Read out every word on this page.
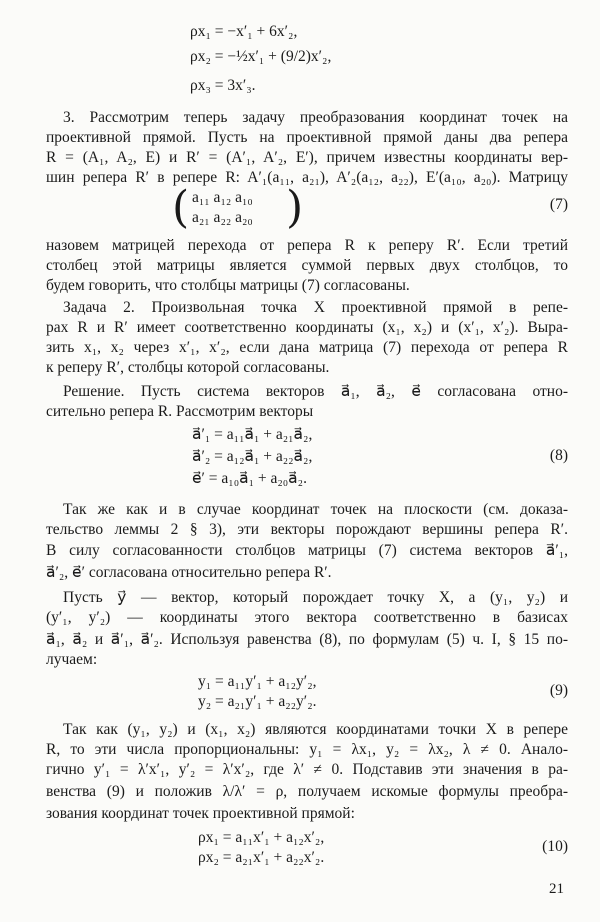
ρx₁ = −x′₁ + 6x′₂,
ρx₂ = −½x′₁ + (9/2)x′₂,
ρx₃ = 3x′₃.
3. Рассмотрим теперь задачу преобразования координат точек на
проективной прямой. Пусть на проективной прямой даны два репера
R = (A₁, A₂, E) и R′ = (A′₁, A′₂, E′), причем известны координаты вер-
шин репера R′ в репере R: A′₁(a₁₁, a₂₁), A′₂(a₁₂, a₂₂), E′(a₁₀, a₂₀). Матрицу
( a₁₁ a₁₂ a₁₀
a₂₁ a₂₂ a₂₀ )	(7)
назовем матрицей перехода от репера R к реперу R′. Если третий
столбец этой матрицы является суммой первых двух столбцов, то
будем говорить, что столбцы матрицы (7) согласованы.
Задача 2. Произвольная точка X проективной прямой в репе-
рах R и R′ имеет соответственно координаты (x₁, x₂) и (x′₁, x′₂). Выра-
зить x₁, x₂ через x′₁, x′₂, если дана матрица (7) перехода от репера R
к реперу R′, столбцы которой согласованы.
Решение. Пусть система векторов a⃗₁, a⃗₂, e⃗ согласована отно-
сительно репера R. Рассмотрим векторы
a⃗′₁ = a₁₁a⃗₁ + a₂₁a⃗₂,
a⃗′₂ = a₁₂a⃗₁ + a₂₂a⃗₂,
e⃗′ = a₁₀a⃗₁ + a₂₀a⃗₂.
(8)
Так же как и в случае координат точек на плоскости (см. доказа-
тельство леммы 2 § 3), эти векторы порождают вершины репера R′.
В силу согласованности столбцов матрицы (7) система векторов a⃗′₁,
a⃗′₂, e⃗′ согласована относительно репера R′.
Пусть y⃗ — вектор, который порождает точку X, а (y₁, y₂) и
(y′₁, y′₂) — координаты этого вектора соответственно в базисах
a⃗₁, a⃗₂ и a⃗′₁, a⃗′₂. Используя равенства (8), по формулам (5) ч. I, § 15 по-
лучаем:
y₁ = a₁₁y′₁ + a₁₂y′₂,
y₂ = a₂₁y′₁ + a₂₂y′₂.
(9)
Так как (y₁, y₂) и (x₁, x₂) являются координатами точки X в репере
R, то эти числа пропорциональны: y₁ = λx₁, y₂ = λx₂, λ ≠ 0. Анало-
гично y′₁ = λ′x′₁, y′₂ = λ′x′₂, где λ′ ≠ 0. Подставив эти значения в ра-
венства (9) и положив λ/λ′ = ρ, получаем искомые формулы преобра-
зования координат точек проективной прямой:
ρx₁ = a₁₁x′₁ + a₁₂x′₂,
ρx₂ = a₂₁x′₁ + a₂₂x′₂.
(10)
21
